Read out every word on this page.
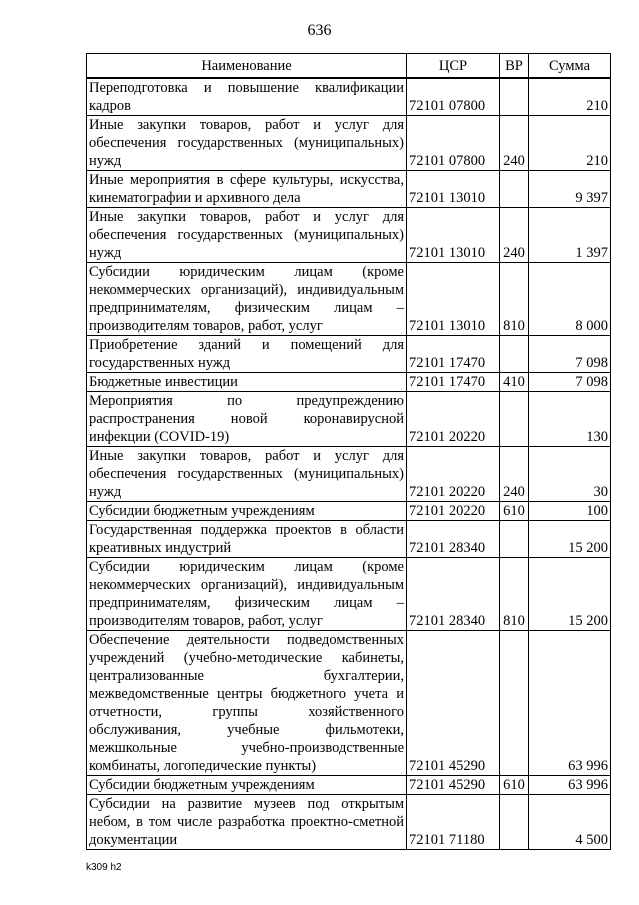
636
Наименование	ЦСР	ВР	Сумма
Переподготовка и повышение квалификации кадров	72101 07800		210
Иные закупки товаров, работ и услуг для обеспечения государственных (муниципальных) нужд	72101 07800	240	210
Иные мероприятия в сфере культуры, искусства, кинематографии и архивного дела	72101 13010		9 397
Иные закупки товаров, работ и услуг для обеспечения государственных (муниципальных) нужд	72101 13010	240	1 397
Субсидии юридическим лицам (кроме некоммерческих организаций), индивидуальным предпринимателям, физическим лицам – производителям товаров, работ, услуг	72101 13010	810	8 000
Приобретение зданий и помещений для государственных нужд	72101 17470		7 098
Бюджетные инвестиции	72101 17470	410	7 098
Мероприятия по предупреждению распространения новой коронавирусной инфекции (COVID-19)	72101 20220		130
Иные закупки товаров, работ и услуг для обеспечения государственных (муниципальных) нужд	72101 20220	240	30
Субсидии бюджетным учреждениям	72101 20220	610	100
Государственная поддержка проектов в области креативных индустрий	72101 28340		15 200
Субсидии юридическим лицам (кроме некоммерческих организаций), индивидуальным предпринимателям, физическим лицам – производителям товаров, работ, услуг	72101 28340	810	15 200
Обеспечение деятельности подведомственных учреждений (учебно-методические кабинеты, централизованные бухгалтерии, межведомственные центры бюджетного учета и отчетности, группы хозяйственного обслуживания, учебные фильмотеки, межшкольные учебно-производственные комбинаты, логопедические пункты)	72101 45290		63 996
Субсидии бюджетным учреждениям	72101 45290	610	63 996
Субсидии на развитие музеев под открытым небом, в том числе разработка проектно-сметной документации	72101 71180		4 500
k309 h2
